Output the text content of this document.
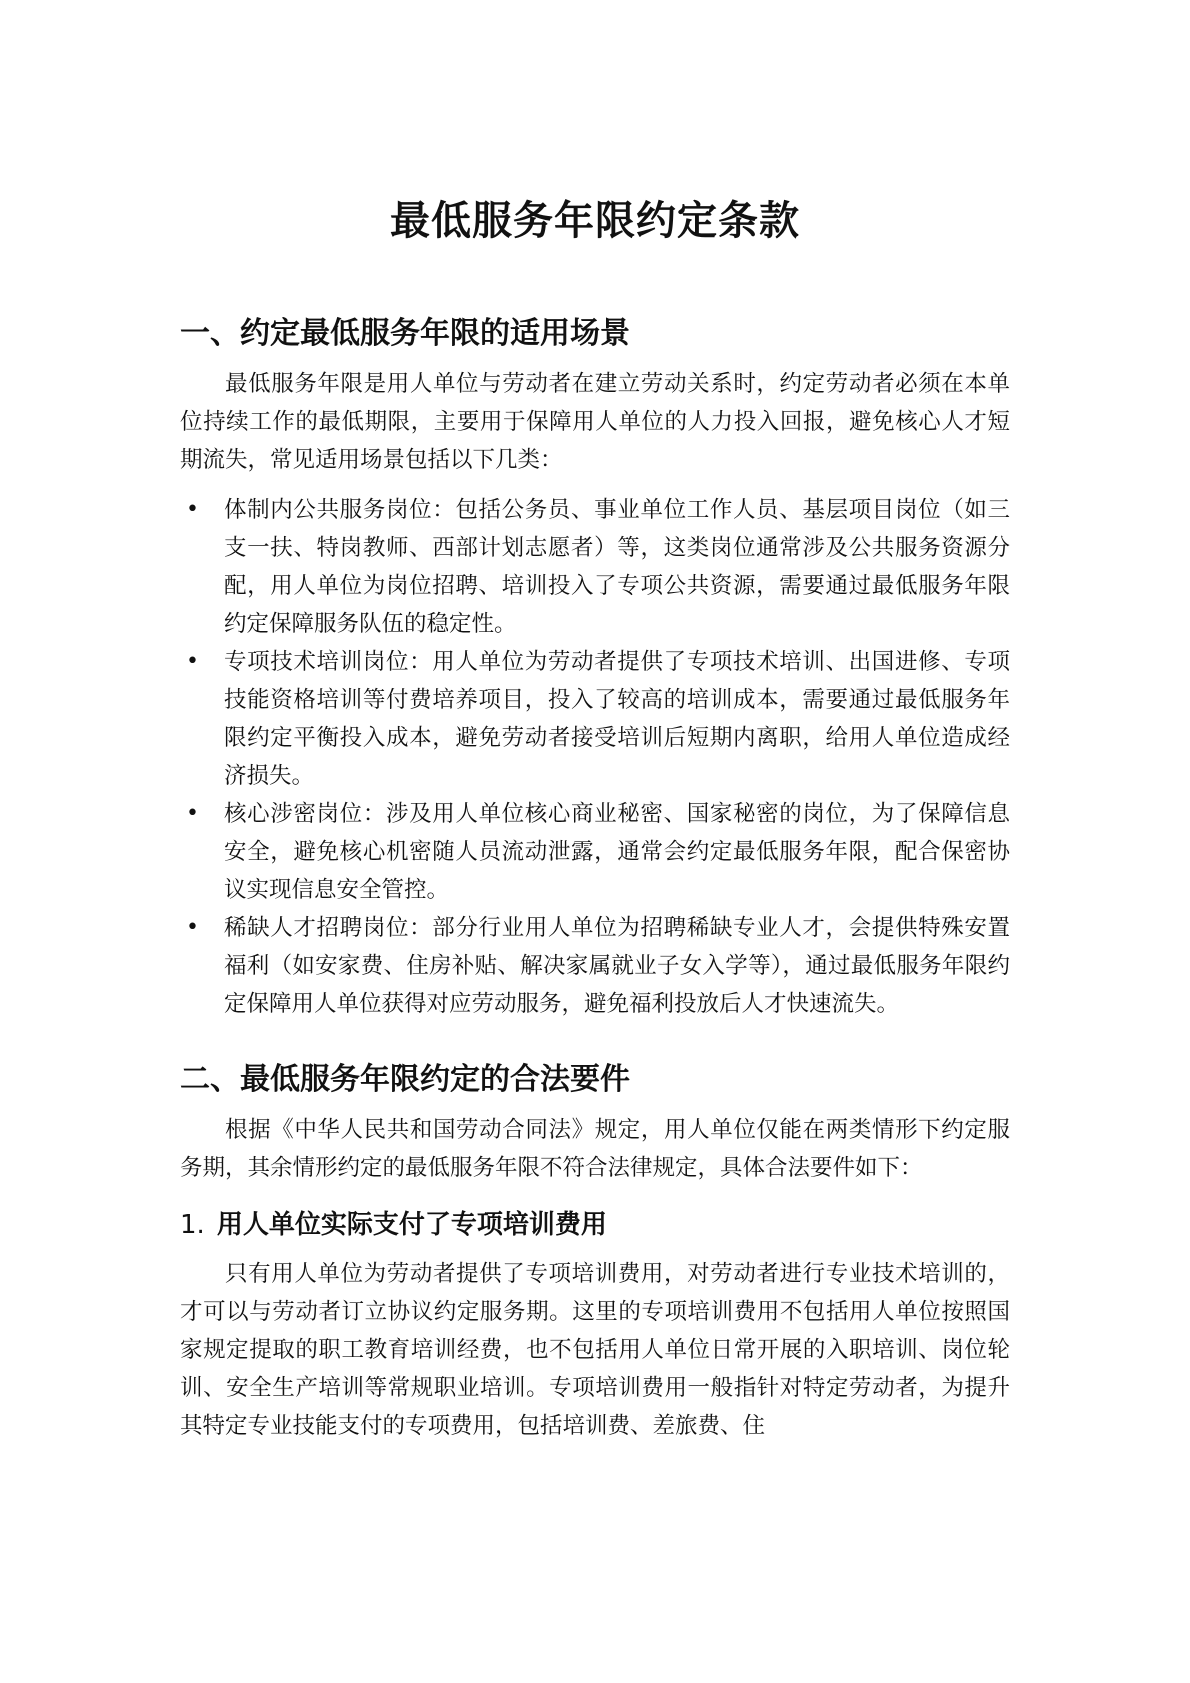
最低服务年限约定条款
一、约定最低服务年限的适用场景

最低服务年限是用人单位与劳动者在建立劳动关系时，约定劳动者必须在本单位持续工作的最低期限，主要用于保障用人单位的人力投入回报，避免核心人才短期流失，常见适用场景包括以下几类：

• 体制内公共服务岗位：包括公务员、事业单位工作人员、基层项目岗位（如三支一扶、特岗教师、西部计划志愿者）等，这类岗位通常涉及公共服务资源分配，用人单位为岗位招聘、培训投入了专项公共资源，需要通过最低服务年限约定保障服务队伍的稳定性。
• 专项技术培训岗位：用人单位为劳动者提供了专项技术培训、出国进修、专项技能资格培训等付费培养项目，投入了较高的培训成本，需要通过最低服务年限约定平衡投入成本，避免劳动者接受培训后短期内离职，给用人单位造成经济损失。
• 核心涉密岗位：涉及用人单位核心商业秘密、国家秘密的岗位，为了保障信息安全，避免核心机密随人员流动泄露，通常会约定最低服务年限，配合保密协议实现信息安全管控。
• 稀缺人才招聘岗位：部分行业用人单位为招聘稀缺专业人才，会提供特殊安置福利（如安家费、住房补贴、解决家属就业子女入学等），通过最低服务年限约定保障用人单位获得对应劳动服务，避免福利投放后人才快速流失。
二、最低服务年限约定的合法要件

根据《中华人民共和国劳动合同法》规定，用人单位仅能在两类情形下约定服务期，其余情形约定的最低服务年限不符合法律规定，具体合法要件如下：

1. 用人单位实际支付了专项培训费用

只有用人单位为劳动者提供了专项培训费用，对劳动者进行专业技术培训的，才可以与劳动者订立协议约定服务期。这里的专项培训费用不包括用人单位按照国家规定提取的职工教育培训经费，也不包括用人单位日常开展的入职培训、岗位轮训、安全生产培训等常规职业培训。专项培训费用一般指针对特定劳动者，为提升其特定专业技能支付的专项费用，包括培训费、差旅费、住
